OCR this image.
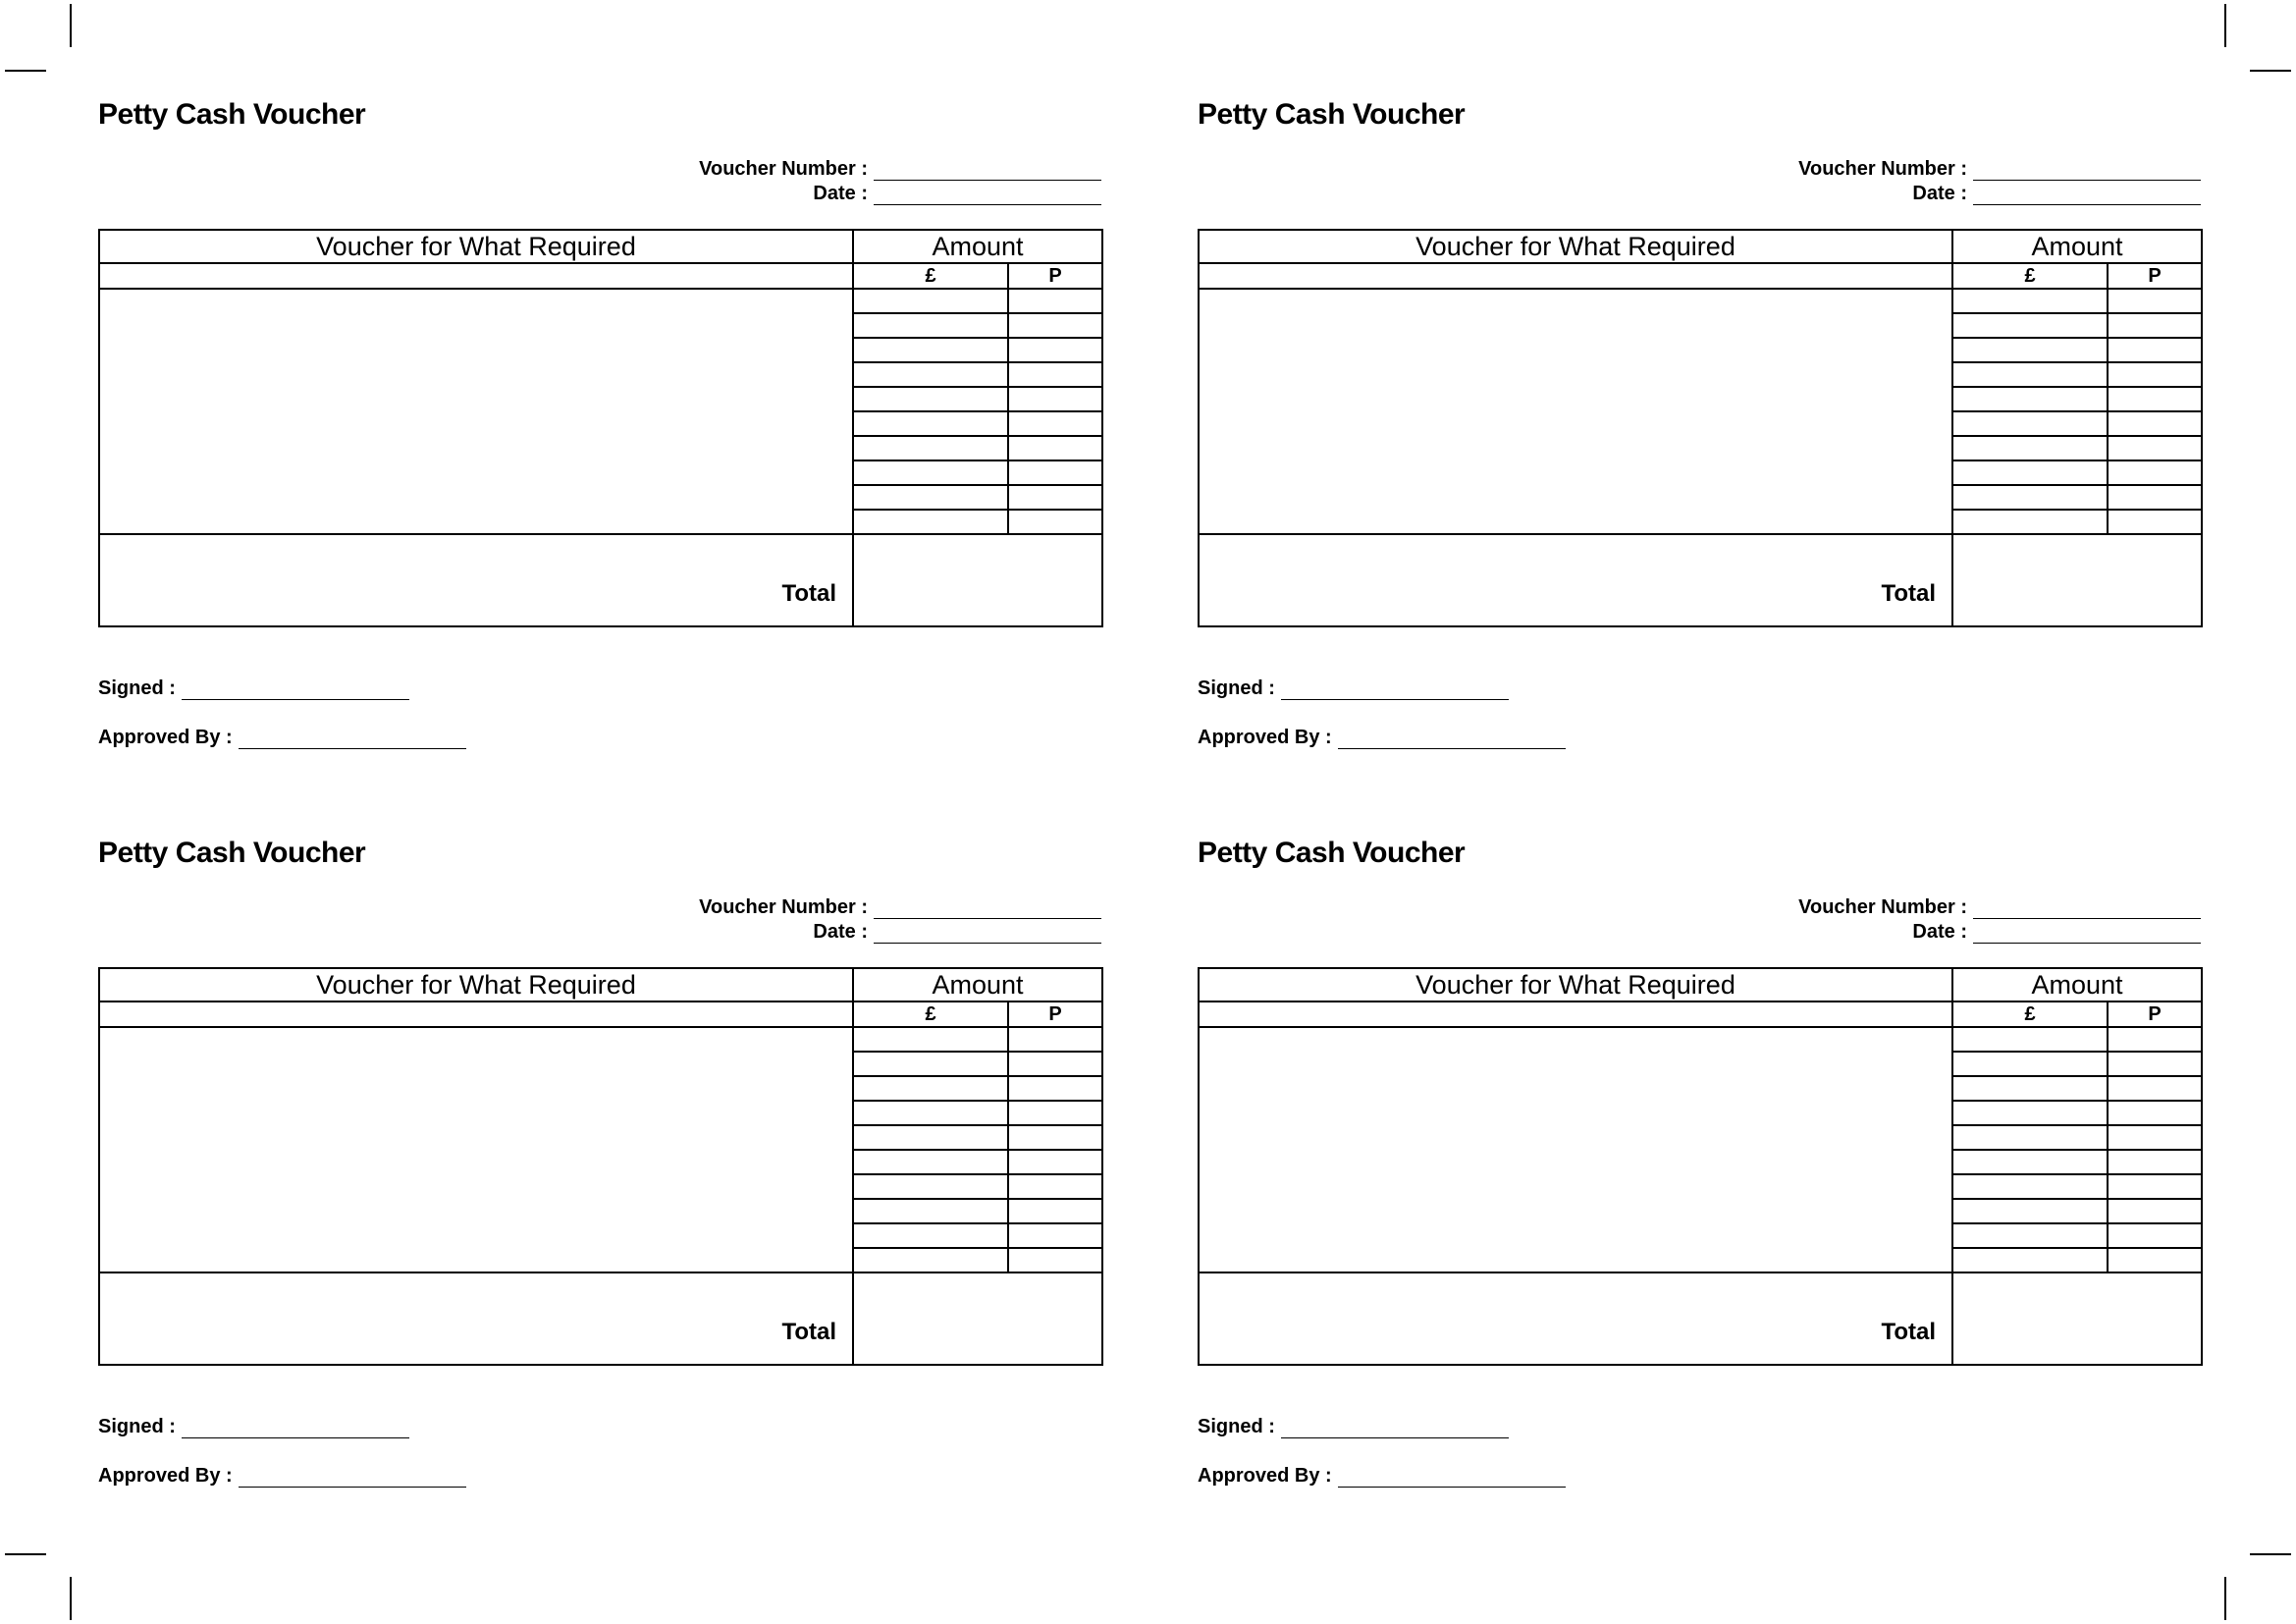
Petty Cash Voucher
Voucher Number :
Date :
Voucher for What Required	Amount	
	£	P

Total		
Signed :
Approved By :
Petty Cash Voucher
Voucher Number :
Date :
Voucher for What Required	Amount	
	£	P

Total		
Signed :
Approved By :
Petty Cash Voucher
Voucher Number :
Date :
Voucher for What Required	Amount	
	£	P

Total		
Signed :
Approved By :
Petty Cash Voucher
Voucher Number :
Date :
Voucher for What Required	Amount	
	£	P

Total		
Signed :
Approved By :
